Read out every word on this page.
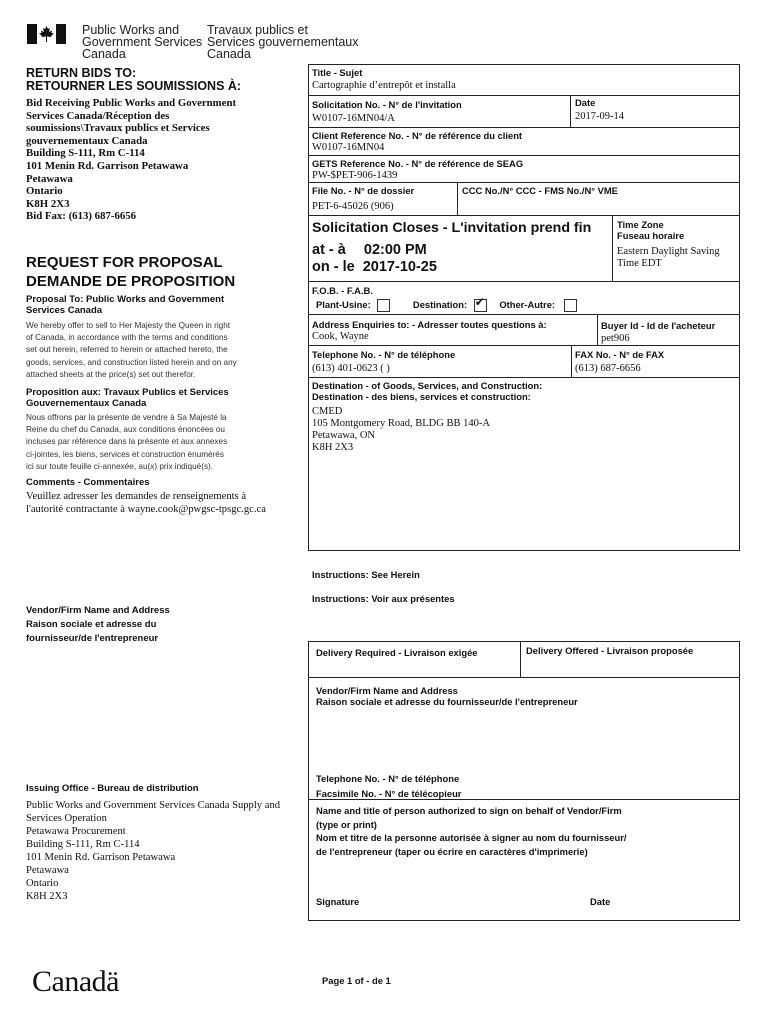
Public Works and
Government Services
Canada
Travaux publics et
Services gouvernementaux
Canada
RETURN BIDS TO:
RETOURNER LES SOUMISSIONS À:
Bid Receiving Public Works and Government
Services Canada/Réception des
soumissions\Travaux publics et Services
gouvernementaux Canada
Building S-111, Rm C-114
101 Menin Rd. Garrison Petawawa
Petawawa
Ontario
K8H 2X3
Bid Fax: (613) 687-6656
REQUEST FOR PROPOSAL
DEMANDE DE PROPOSITION
Proposal To: Public Works and Government
Services Canada
We hereby offer to sell to Her Majesty the Queen in right
of Canada, in accordance with the terms and conditions
set out herein, referred to herein or attached hereto, the
goods, services, and construction listed herein and on any
attached sheets at the price(s) set out therefor.
Proposition aux: Travaux Publics et Services
Gouvernementaux Canada
Nous offrons par la présente de vendre à Sa Majesté la
Reine du chef du Canada, aux conditions énoncées ou
incluses par référence dans la présente et aux annexes
ci-jointes, les biens, services et construction énumérés
ici sur toute feuille ci-annexée, au(x) prix indiqué(s).
Comments - Commentaires
Veuillez adresser les demandes de renseignements à
l'autorité contractante à wayne.cook@pwgsc-tpsgc.gc.ca
Vendor/Firm Name and Address
Raison sociale et adresse du
fournisseur/de l'entrepreneur
Issuing Office - Bureau de distribution
Public Works and Government Services Canada Supply and
Services Operation
Petawawa Procurement
Building S-111, Rm C-114
101 Menin Rd. Garrison Petawawa
Petawawa
Ontario
K8H 2X3
Title - Sujet
Cartographie d’entrepôt et installa
Solicitation No. - N° de l'invitation
W0107-16MN04/A
Date
2017-09-14
Client Reference No. - N° de référence du client
W0107-16MN04
GETS Reference No. - N° de référence de SEAG
PW-$PET-906-1439
File No. - N° de dossier
PET-6-45026 (906)
CCC No./N° CCC - FMS No./N° VME
Solicitation Closes - L'invitation prend fin
at - à 02:00 PM
on - le 2017-10-25
Time Zone
Fuseau horaire
Eastern Daylight Saving
Time EDT
F.O.B. - F.A.B.
Plant-Usine:	Destination: ✔ Other-Autre:
Address Enquiries to: - Adresser toutes questions à:
Cook, Wayne
Buyer Id - Id de l'acheteur
pet906
Telephone No. - N° de téléphone
(613) 401-0623 ( )
FAX No. - N° de FAX
(613) 687-6656
Destination - of Goods, Services, and Construction:
Destination - des biens, services et construction:
CMED
105 Montgomery Road, BLDG BB 140-A
Petawawa, ON
K8H 2X3
Instructions: See Herein
Instructions: Voir aux présentes
Delivery Required - Livraison exigée	Delivery Offered - Livraison proposée
Vendor/Firm Name and Address
Raison sociale et adresse du fournisseur/de l'entrepreneur
Telephone No. - N° de téléphone
Facsimile No. - N° de télécopieur
Name and title of person authorized to sign on behalf of Vendor/Firm
(type or print)
Nom et titre de la personne autorisée à signer au nom du fournisseur/
de l'entrepreneur (taper ou écrire en caractères d'imprimerie)
Signature	Date
Canadä	Page 1 of - de 1
